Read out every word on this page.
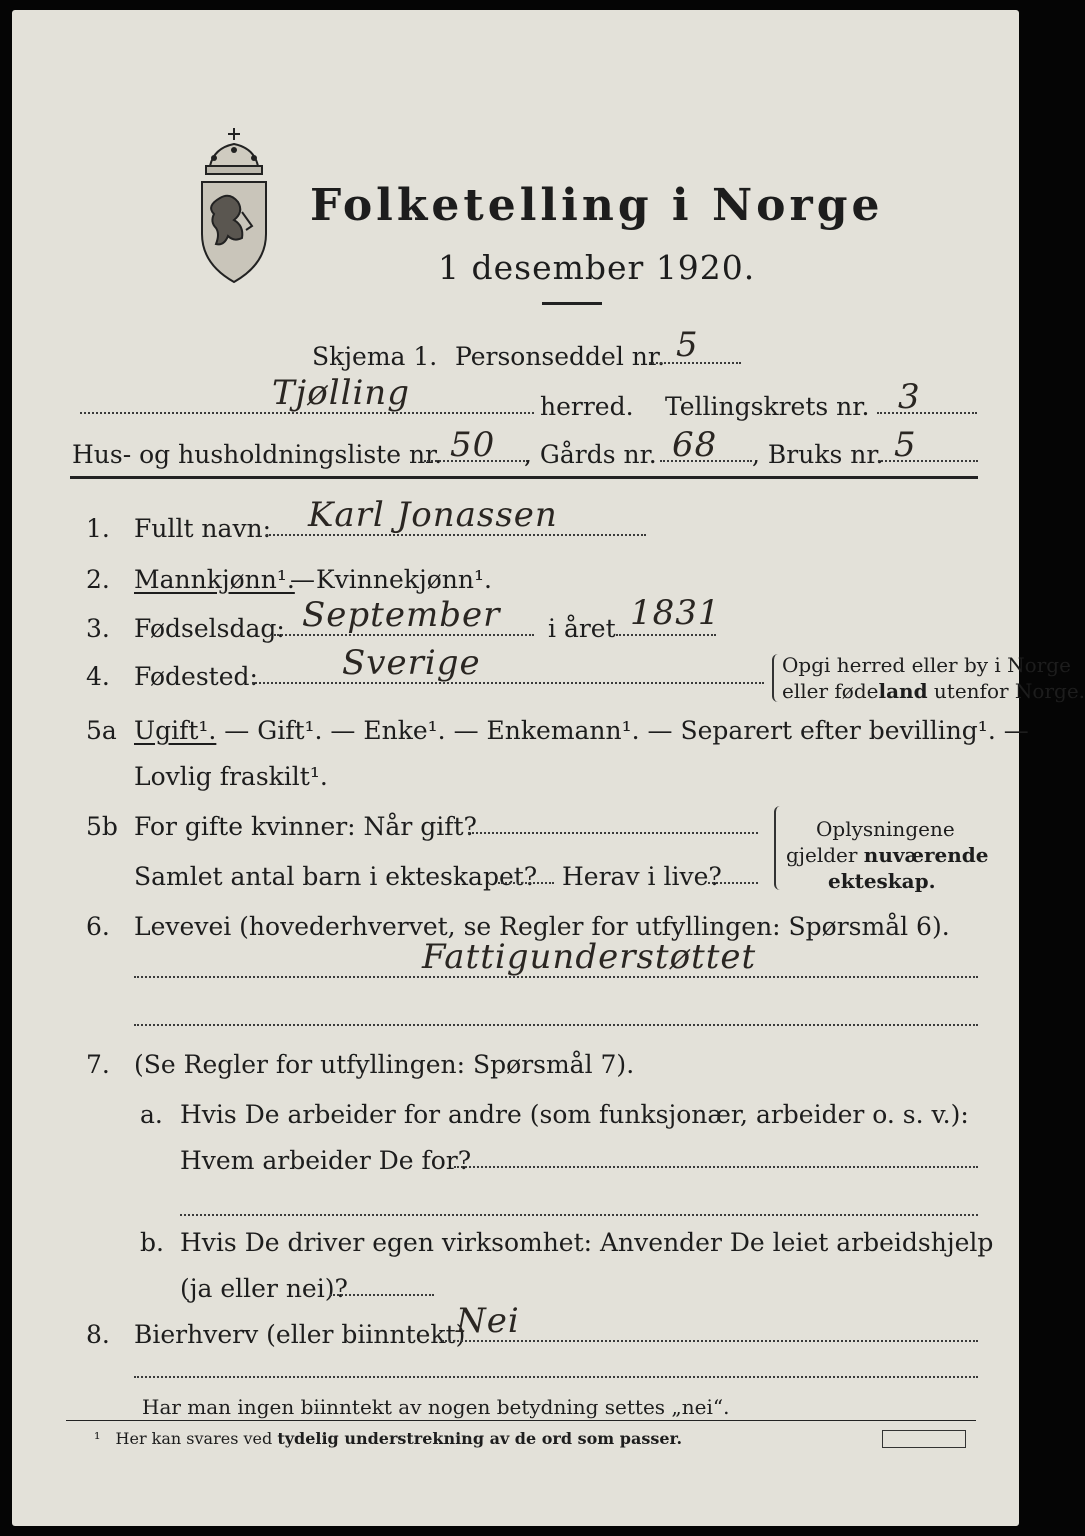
Folketelling i Norge
1 desember 1920.
Skjema 1. Personseddel nr. 5
Tjølling	herred. Tellingskrets nr. 3
Hus- og husholdningsliste nr. 50 , Gårds nr. 68 , Bruks nr. 5
1. Fullt navn: Karl Jonassen
2. Mannkjønn¹.
— Kvinnekjønn¹.
3. Fødselsdag: September i året 1831
4. Fødested: Sverige	Opgi herred eller by i Norge
eller fødeland utenfor Norge.
5a Ugift¹. — Gift¹. — Enke¹. — Enkemann¹. — Separert efter bevilling¹. —
Lovlig fraskilt¹.
5b For gifte kvinner: Når gift?
Samlet antal barn i ekteskapet? Herav i live?
Oplysningene
gjelder nuværende
ekteskap.
6. Levevei (hovederhvervet, se Regler for utfyllingen: Spørsmål 6).
Fattigunderstøttet
7. (Se Regler for utfyllingen: Spørsmål 7).
a. Hvis De arbeider for andre (som funksjonær, arbeider o. s. v.):
Hvem arbeider De for?
b. Hvis De driver egen virksomhet: Anvender De leiet arbeidshjelp
(ja eller nei)?
8. Bierhverv (eller biinntekt)
Nei
Har man ingen biinntekt av nogen betydning settes „nei“.
¹ Her kan svares ved tydelig understrekning av de ord som passer.
